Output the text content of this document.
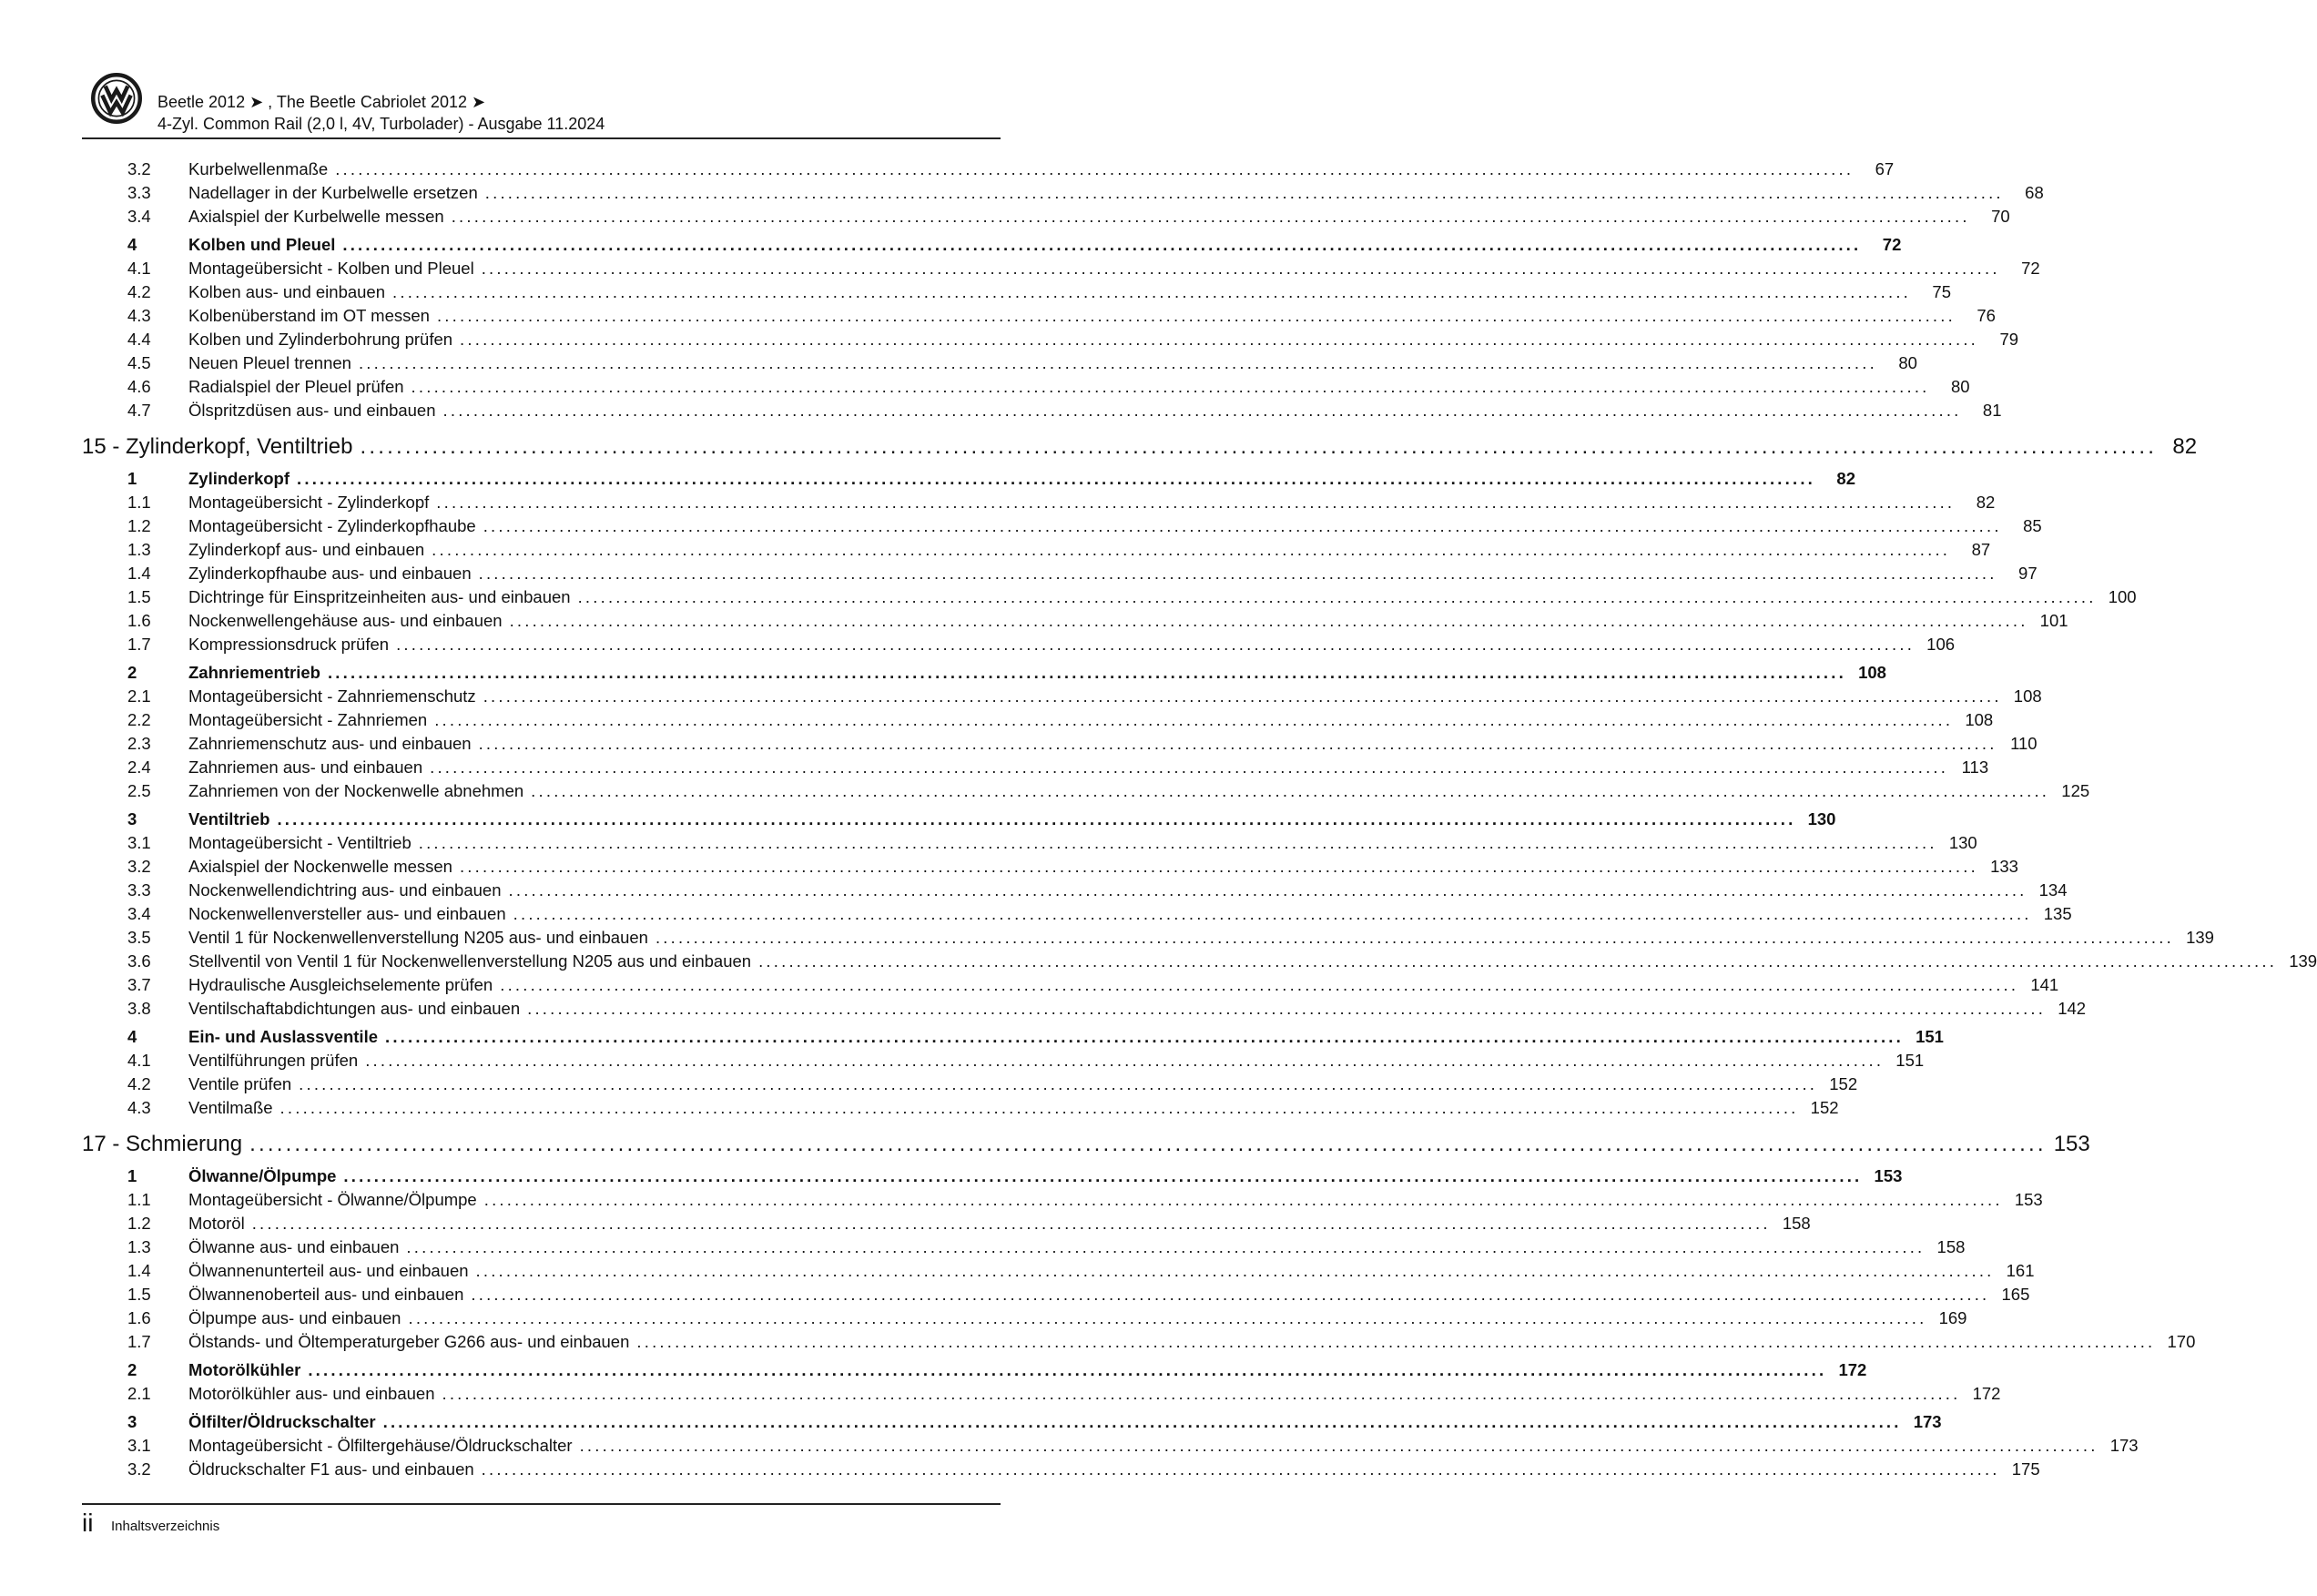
Beetle 2012 ➤ , The Beetle Cabriolet 2012 ➤
4-Zyl. Common Rail (2,0 l, 4V, Turbolader) - Ausgabe 11.2024
3.2	Kurbelwellenmaße ........................................................................................................................................................................................................	67
3.3	Nadellager in der Kurbelwelle ersetzen ........................................................................................................................................................................................................	68
3.4	Axialspiel der Kurbelwelle messen ........................................................................................................................................................................................................	70
4	Kolben und Pleuel ........................................................................................................................................................................................................	72
4.1	Montageübersicht - Kolben und Pleuel ........................................................................................................................................................................................................	72
4.2	Kolben aus- und einbauen ........................................................................................................................................................................................................	75
4.3	Kolbenüberstand im OT messen ........................................................................................................................................................................................................	76
4.4	Kolben und Zylinderbohrung prüfen ........................................................................................................................................................................................................	79
4.5	Neuen Pleuel trennen ........................................................................................................................................................................................................	80
4.6	Radialspiel der Pleuel prüfen ........................................................................................................................................................................................................	80
4.7	Ölspritzdüsen aus- und einbauen ........................................................................................................................................................................................................	81
15 - Zylinderkopf, Ventiltrieb ........................................................................................................................................................................................................ 82
1	Zylinderkopf ........................................................................................................................................................................................................	82
1.1	Montageübersicht - Zylinderkopf ........................................................................................................................................................................................................	82
1.2	Montageübersicht - Zylinderkopfhaube ........................................................................................................................................................................................................	85
1.3	Zylinderkopf aus- und einbauen ........................................................................................................................................................................................................	87
1.4	Zylinderkopfhaube aus- und einbauen ........................................................................................................................................................................................................	97
1.5	Dichtringe für Einspritzeinheiten aus- und einbauen ........................................................................................................................................................................................................ 100
1.6	Nockenwellengehäuse aus- und einbauen ........................................................................................................................................................................................................ 101
1.7	Kompressionsdruck prüfen ........................................................................................................................................................................................................ 106
2	Zahnriementrieb ........................................................................................................................................................................................................ 108
2.1	Montageübersicht - Zahnriemenschutz ........................................................................................................................................................................................................ 108
2.2	Montageübersicht - Zahnriemen ........................................................................................................................................................................................................ 108
2.3	Zahnriemenschutz aus- und einbauen ........................................................................................................................................................................................................ 110
2.4	Zahnriemen aus- und einbauen ........................................................................................................................................................................................................ 113
2.5	Zahnriemen von der Nockenwelle abnehmen ........................................................................................................................................................................................................ 125
3	Ventiltrieb ........................................................................................................................................................................................................ 130
3.1	Montageübersicht - Ventiltrieb ........................................................................................................................................................................................................ 130
3.2	Axialspiel der Nockenwelle messen ........................................................................................................................................................................................................ 133
3.3	Nockenwellendichtring aus- und einbauen ........................................................................................................................................................................................................ 134
3.4	Nockenwellenversteller aus- und einbauen ........................................................................................................................................................................................................ 135
3.5	Ventil 1 für Nockenwellenverstellung N205 aus- und einbauen ........................................................................................................................................................................................................ 139
3.6	Stellventil von Ventil 1 für Nockenwellenverstellung N205 aus und einbauen ........................................................................................................................................................................................................ 139
3.7	Hydraulische Ausgleichselemente prüfen ........................................................................................................................................................................................................ 141
3.8	Ventilschaftabdichtungen aus- und einbauen ........................................................................................................................................................................................................ 142
4	Ein- und Auslassventile ........................................................................................................................................................................................................ 151
4.1	Ventilführungen prüfen ........................................................................................................................................................................................................ 151
4.2	Ventile prüfen ........................................................................................................................................................................................................ 152
4.3	Ventilmaße ........................................................................................................................................................................................................ 152
17 - Schmierung ........................................................................................................................................................................................................ 153
1	Ölwanne/Ölpumpe ........................................................................................................................................................................................................ 153
1.1	Montageübersicht - Ölwanne/Ölpumpe ........................................................................................................................................................................................................ 153
1.2	Motoröl ........................................................................................................................................................................................................ 158
1.3	Ölwanne aus- und einbauen ........................................................................................................................................................................................................ 158
1.4	Ölwannenunterteil aus- und einbauen ........................................................................................................................................................................................................ 161
1.5	Ölwannenoberteil aus- und einbauen ........................................................................................................................................................................................................ 165
1.6	Ölpumpe aus- und einbauen ........................................................................................................................................................................................................ 169
1.7	Ölstands- und Öltemperaturgeber G266 aus- und einbauen ........................................................................................................................................................................................................ 170
2	Motorölkühler ........................................................................................................................................................................................................ 172
2.1	Motorölkühler aus- und einbauen ........................................................................................................................................................................................................ 172
3	Ölfilter/Öldruckschalter ........................................................................................................................................................................................................ 173
3.1	Montageübersicht - Ölfiltergehäuse/Öldruckschalter ........................................................................................................................................................................................................ 173
3.2	Öldruckschalter F1 aus- und einbauen ........................................................................................................................................................................................................ 175
ii Inhaltsverzeichnis
